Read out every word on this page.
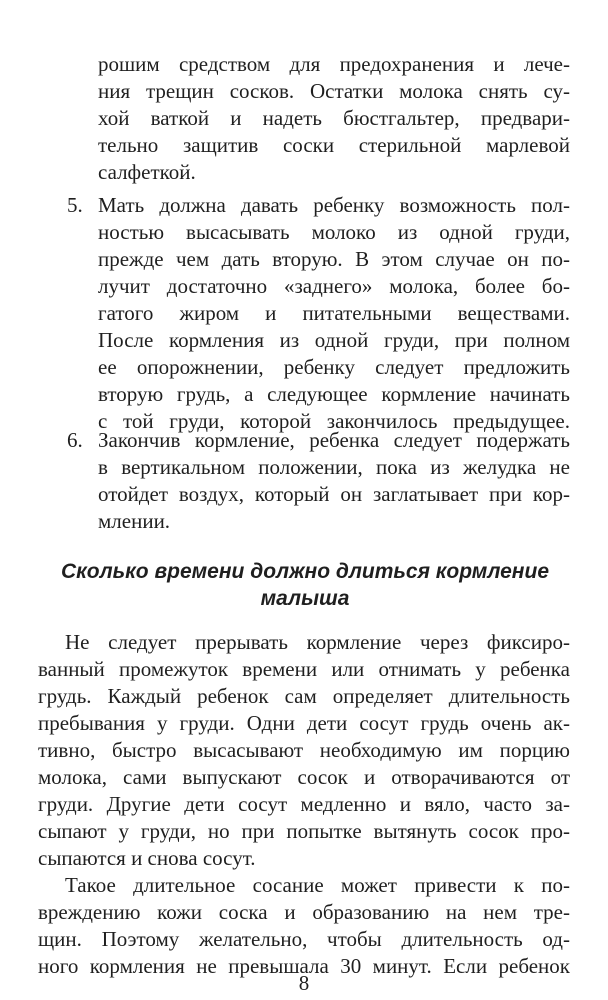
рошим средством для предохранения и лече-
ния трещин сосков. Остатки молока снять су-
хой ваткой и надеть бюстгальтер, предвари-
тельно защитив соски стерильной марлевой
салфеткой.
5. Мать должна давать ребенку возможность пол-
ностью высасывать молоко из одной груди,
прежде чем дать вторую. В этом случае он по-
лучит достаточно «заднего» молока, более бо-
гатого жиром и питательными веществами.
После кормления из одной груди, при полном
ее опорожнении, ребенку следует предложить
вторую грудь, а следующее кормление начинать
с той груди, которой закончилось предыдущее.
6. Закончив кормление, ребенка следует подержать
в вертикальном положении, пока из желудка не
отойдет воздух, который он заглатывает при кор-
млении.
Сколько времени должно длиться кормление
малыша
Не следует прерывать кормление через фиксиро-
ванный промежуток времени или отнимать у ребенка
грудь. Каждый ребенок сам определяет длительность
пребывания у груди. Одни дети сосут грудь очень ак-
тивно, быстро высасывают необходимую им порцию
молока, сами выпускают сосок и отворачиваются от
груди. Другие дети сосут медленно и вяло, часто за-
сыпают у груди, но при попытке вытянуть сосок про-
сыпаются и снова сосут.
Такое длительное сосание может привести к по-
вреждению кожи соска и образованию на нем тре-
щин. Поэтому желательно, чтобы длительность од-
ного кормления не превышала 30 минут. Если ребенок
8
